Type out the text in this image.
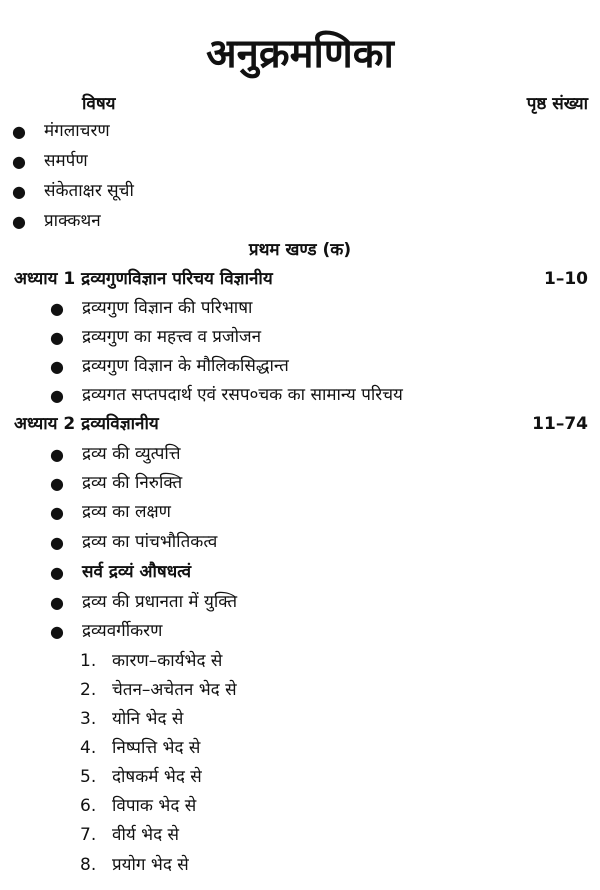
अनुक्रमणिका
विषय	पृष्ठ संख्या
● मंगलाचरण
● समर्पण
● संकेताक्षर सूची
● प्राक्कथन
प्रथम खण्ड (क)
अध्याय 1 द्रव्यगुणविज्ञान परिचय विज्ञानीय	1–10
● द्रव्यगुण विज्ञान की परिभाषा
● द्रव्यगुण का महत्त्व व प्रजोजन
● द्रव्यगुण विज्ञान के मौलिकसिद्धान्त
● द्रव्यगत सप्तपदार्थ एवं रसप०चक का सामान्य परिचय
अध्याय 2 द्रव्यविज्ञानीय	11–74
● द्रव्य की व्युत्पत्ति
● द्रव्य की निरुक्ति
● द्रव्य का लक्षण
● द्रव्य का पांचभौतिकत्व
● सर्व द्रव्यं औषधत्वं
● द्रव्य की प्रधानता में युक्ति
● द्रव्यवर्गीकरण
1. कारण–कार्यभेद से
2. चेतन–अचेतन भेद से
3. योनि भेद से
4. निष्पत्ति भेद से
5. दोषकर्म भेद से
6. विपाक भेद से
7. वीर्य भेद से
8. प्रयोग भेद से
